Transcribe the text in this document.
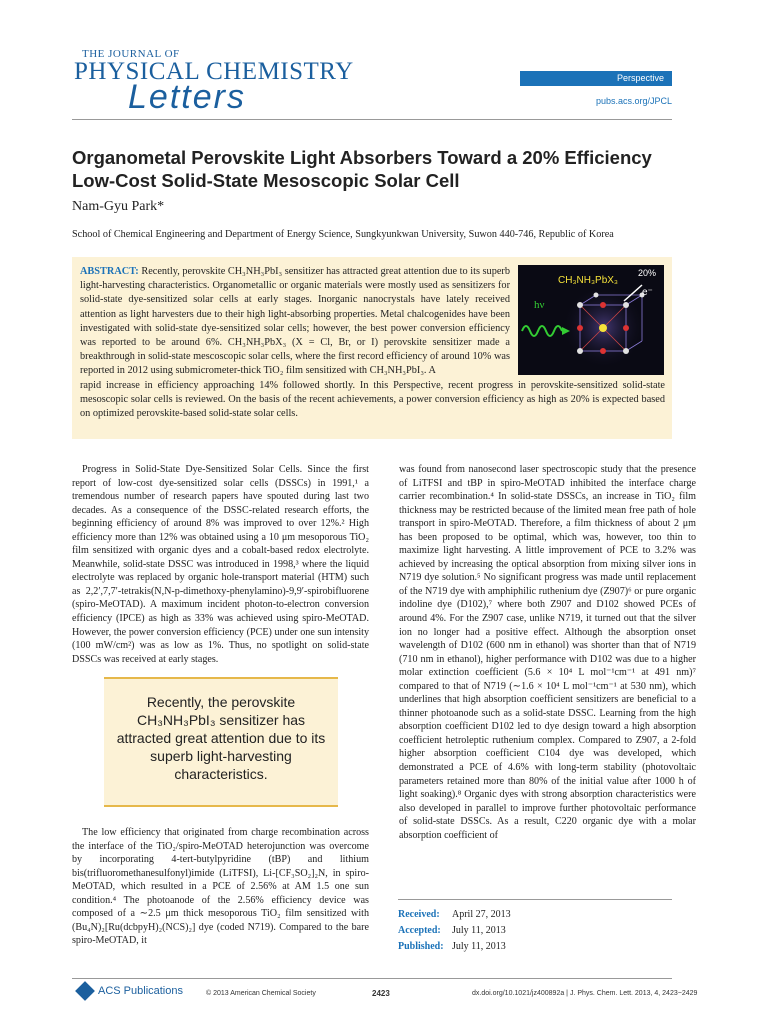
THE JOURNAL OF
PHYSICAL CHEMISTRY
Letters	Perspective
pubs.acs.org/JPCL
Organometal Perovskite Light Absorbers Toward a 20% Efficiency Low-Cost Solid-State Mesoscopic Solar Cell
Nam-Gyu Park*
School of Chemical Engineering and Department of Energy Science, Sungkyunkwan University, Suwon 440-746, Republic of Korea
ABSTRACT: Recently, perovskite CH₃NH₃PbI₃ sensitizer has attracted great attention due to its superb light-harvesting characteristics. Organometallic or organic materials were mostly used as sensitizers for solid-state dye-sensitized solar cells at early stages. Inorganic nanocrystals have lately received attention as light harvesters due to their high light-absorbing properties. Metal chalcogenides have been investigated with solid-state dye-sensitized solar cells; however, the best power conversion efficiency was reported to be around 6%. CH₃NH₃PbX₃ (X = Cl, Br, or I) perovskite sensitizer made a breakthrough in solid-state mescoscopic solar cells, where the first record efficiency of around 10% was reported in 2012 using submicrometer-thick TiO₂ film sensitized with CH₃NH₃PbI₃. A
rapid increase in efficiency approaching 14% followed shortly. In this Perspective, recent progress in perovskite-sensitized solid-state mesoscopic solar cells is reviewed. On the basis of the recent achievements, a power conversion efficiency as high as 20% is expected based on optimized perovskite-based solid-state solar cells.
CH₃NH₃PbX₃
20%
hν
e⁻

Progress in Solid-State Dye-Sensitized Solar Cells. Since the first report of low-cost dye-sensitized solar cells (DSSCs) in 1991,¹ a tremendous number of research papers have spouted during last two decades. As a consequence of the DSSC-related research efforts, the beginning efficiency of around 8% was improved to over 12%.² High efficiency more than 12% was obtained using a 10 μm mesoporous TiO₂ film sensitized with organic dyes and a cobalt-based redox electrolyte. Meanwhile, solid-state DSSC was introduced in 1998,³ where the liquid electrolyte was replaced by organic hole-transport material (HTM) such as 2,2′,7,7′-tetrakis(N,N-p-dimethoxy-phenylamino)-9,9′-spirobifluorene (spiro-MeOTAD). A maximum incident photon-to-electron conversion efficiency (IPCE) as high as 33% was achieved using spiro-MeOTAD. However, the power conversion efficiency (PCE) under one sun intensity (100 mW/cm²) was as low as 1%. Thus, no spotlight on solid-state DSSCs was received at early stages.

Recently, the perovskite CH₃NH₃PbI₃ sensitizer has attracted great attention due to its superb light-harvesting characteristics.

The low efficiency that originated from charge recombination across the interface of the TiO₂/spiro-MeOTAD heterojunction was overcome by incorporating 4-tert-butylpyridine (tBP) and lithium bis(trifluoromethanesulfonyl)imide (LiTFSI), Li-[CF₃SO₂]₂N, in spiro-MeOTAD, which resulted in a PCE of 2.56% at AM 1.5 one sun condition.⁴ The photoanode of the 2.56% efficiency device was composed of a ∼2.5 μm thick mesoporous TiO₂ film sensitized with (Bu₄N)₂[Ru(dcbpyH)₂(NCS)₂] dye (coded N719). Compared to the bare spiro-MeOTAD, it

was found from nanosecond laser spectroscopic study that the presence of LiTFSI and tBP in spiro-MeOTAD inhibited the interface charge carrier recombination.⁴ In solid-state DSSCs, an increase in TiO₂ film thickness may be restricted because of the limited mean free path of hole transport in spiro-MeOTAD. Therefore, a film thickness of about 2 μm has been proposed to be optimal, which was, however, too thin to maximize light harvesting. A little improvement of PCE to 3.2% was achieved by increasing the optical absorption from mixing silver ions in N719 dye solution.⁵ No significant progress was made until replacement of the N719 dye with amphiphilic ruthenium dye (Z907)⁶ or pure organic indoline dye (D102),⁷ where both Z907 and D102 showed PCEs of around 4%. For the Z907 case, unlike N719, it turned out that the silver ion no longer had a positive effect. Although the absorption onset wavelength of D102 (600 nm in ethanol) was shorter than that of N719 (710 nm in ethanol), higher performance with D102 was due to a higher molar extinction coefficient (5.6 × 10⁴ L mol⁻¹cm⁻¹ at 491 nm)⁷ compared to that of N719 (∼1.6 × 10⁴ L mol⁻¹cm⁻¹ at 530 nm), which underlines that high absorption coefficient sensitizers are beneficial to a thinner photoanode such as a solid-state DSSC. Learning from the high absorption coefficient D102 led to dye design toward a high absorption coefficient hetroleptic ruthenium complex. Compared to Z907, a 2-fold higher absorption coefficient C104 dye was developed, which demonstrated a PCE of 4.6% with long-term stability (photovoltaic parameters retained more than 80% of the initial value after 1000 h of light soaking).⁸ Organic dyes with strong absorption characteristics were also developed in parallel to improve further photovoltaic performance of solid-state DSSCs. As a result, C220 organic dye with a molar absorption coefficient of

Received: April 27, 2013
Accepted: July 11, 2013
Published: July 11, 2013
ACS Publications	© 2013 American Chemical Society	2423	dx.doi.org/10.1021/jz400892a | J. Phys. Chem. Lett. 2013, 4, 2423−2429
